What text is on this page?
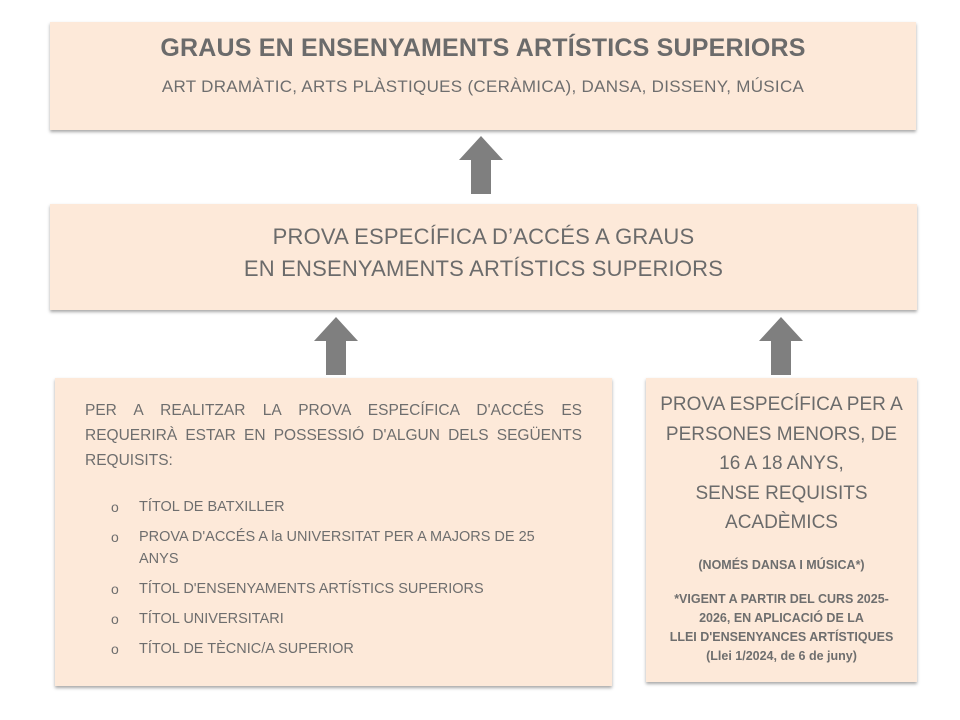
GRAUS EN ENSENYAMENTS ARTÍSTICS SUPERIORS
ART DRAMÀTIC, ARTS PLÀSTIQUES (CERÀMICA), DANSA, DISSENY, MÚSICA
PROVA ESPECÍFICA D’ACCÉS A GRAUS
EN ENSENYAMENTS ARTÍSTICS SUPERIORS
PER A REALITZAR LA PROVA ESPECÍFICA D'ACCÉS ES REQUERIRÀ ESTAR EN POSSESSIÓ D'ALGUN DELS SEGÜENTS REQUISITS:
o TÍTOL DE BATXILLER
o PROVA D'ACCÉS A la UNIVERSITAT PER A MAJORS DE 25 ANYS
o TÍTOL D'ENSENYAMENTS ARTÍSTICS SUPERIORS
o TÍTOL UNIVERSITARI
o TÍTOL DE TÈCNIC/A SUPERIOR
PROVA ESPECÍFICA PER A
PERSONES MENORS, DE
16 A 18 ANYS,
SENSE REQUISITS
ACADÈMICS
(NOMÉS DANSA I MÚSICA*)
*VIGENT A PARTIR DEL CURS 2025-
2026, EN APLICACIÓ DE LA
LLEI D'ENSENYANCES ARTÍSTIQUES
(Llei 1/2024, de 6 de juny)
